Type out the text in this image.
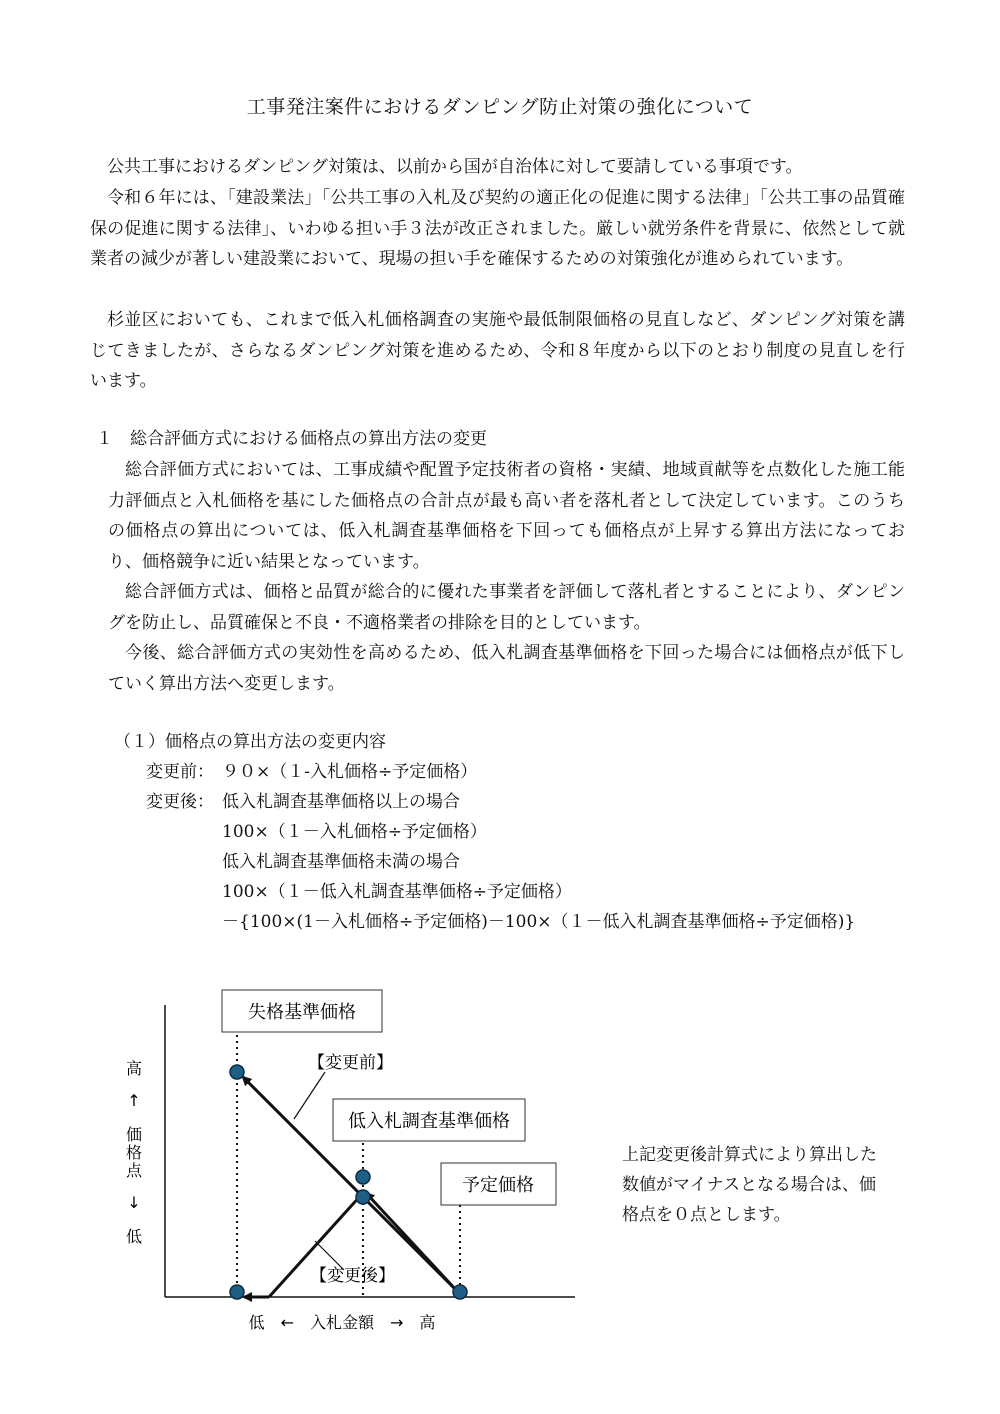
工事発注案件におけるダンピング防止対策の強化について

公共工事におけるダンピング対策は、以前から国が自治体に対して要請している事項です。

令和６年には、「建設業法」「公共工事の入札及び契約の適正化の促進に関する法律」「公共工事の品質確保の促進に関する法律」、いわゆる担い手３法が改正されました。厳しい就労条件を背景に、依然として就業者の減少が著しい建設業において、現場の担い手を確保するための対策強化が進められています。

杉並区においても、これまで低入札価格調査の実施や最低制限価格の見直しなど、ダンピング対策を講じてきましたが、さらなるダンピング対策を進めるため、令和８年度から以下のとおり制度の見直しを行います。

１ 総合評価方式における価格点の算出方法の変更

総合評価方式においては、工事成績や配置予定技術者の資格・実績、地域貢献等を点数化した施工能力評価点と入札価格を基にした価格点の合計点が最も高い者を落札者として決定しています。このうちの価格点の算出については、低入札調査基準価格を下回っても価格点が上昇する算出方法になっており、価格競争に近い結果となっています。

総合評価方式は、価格と品質が総合的に優れた事業者を評価して落札者とすることにより、ダンピングを防止し、品質確保と不良・不適格業者の排除を目的としています。

今後、総合評価方式の実効性を高めるため、低入札調査基準価格を下回った場合には価格点が低下していく算出方法へ変更します。

（１）価格点の算出方法の変更内容
変更前： ９０×（１-入札価格÷予定価格）
変更後： 低入札調査基準価格以上の場合
100×（１－入札価格÷予定価格）
低入札調査基準価格未満の場合
100×（１－低入札調査基準価格÷予定価格）
－{100×(1－入札価格÷予定価格)－100×（１－低入札調査基準価格÷予定価格)}
失格基準価格
低入札調査基準価格
予定価格
【変更前】
【変更後】
高
↑
価
格
点
↓
低
低　←　入札金額　→　高
上記変更後計算式により算出した数値がマイナスとなる場合は、価格点を０点とします。
